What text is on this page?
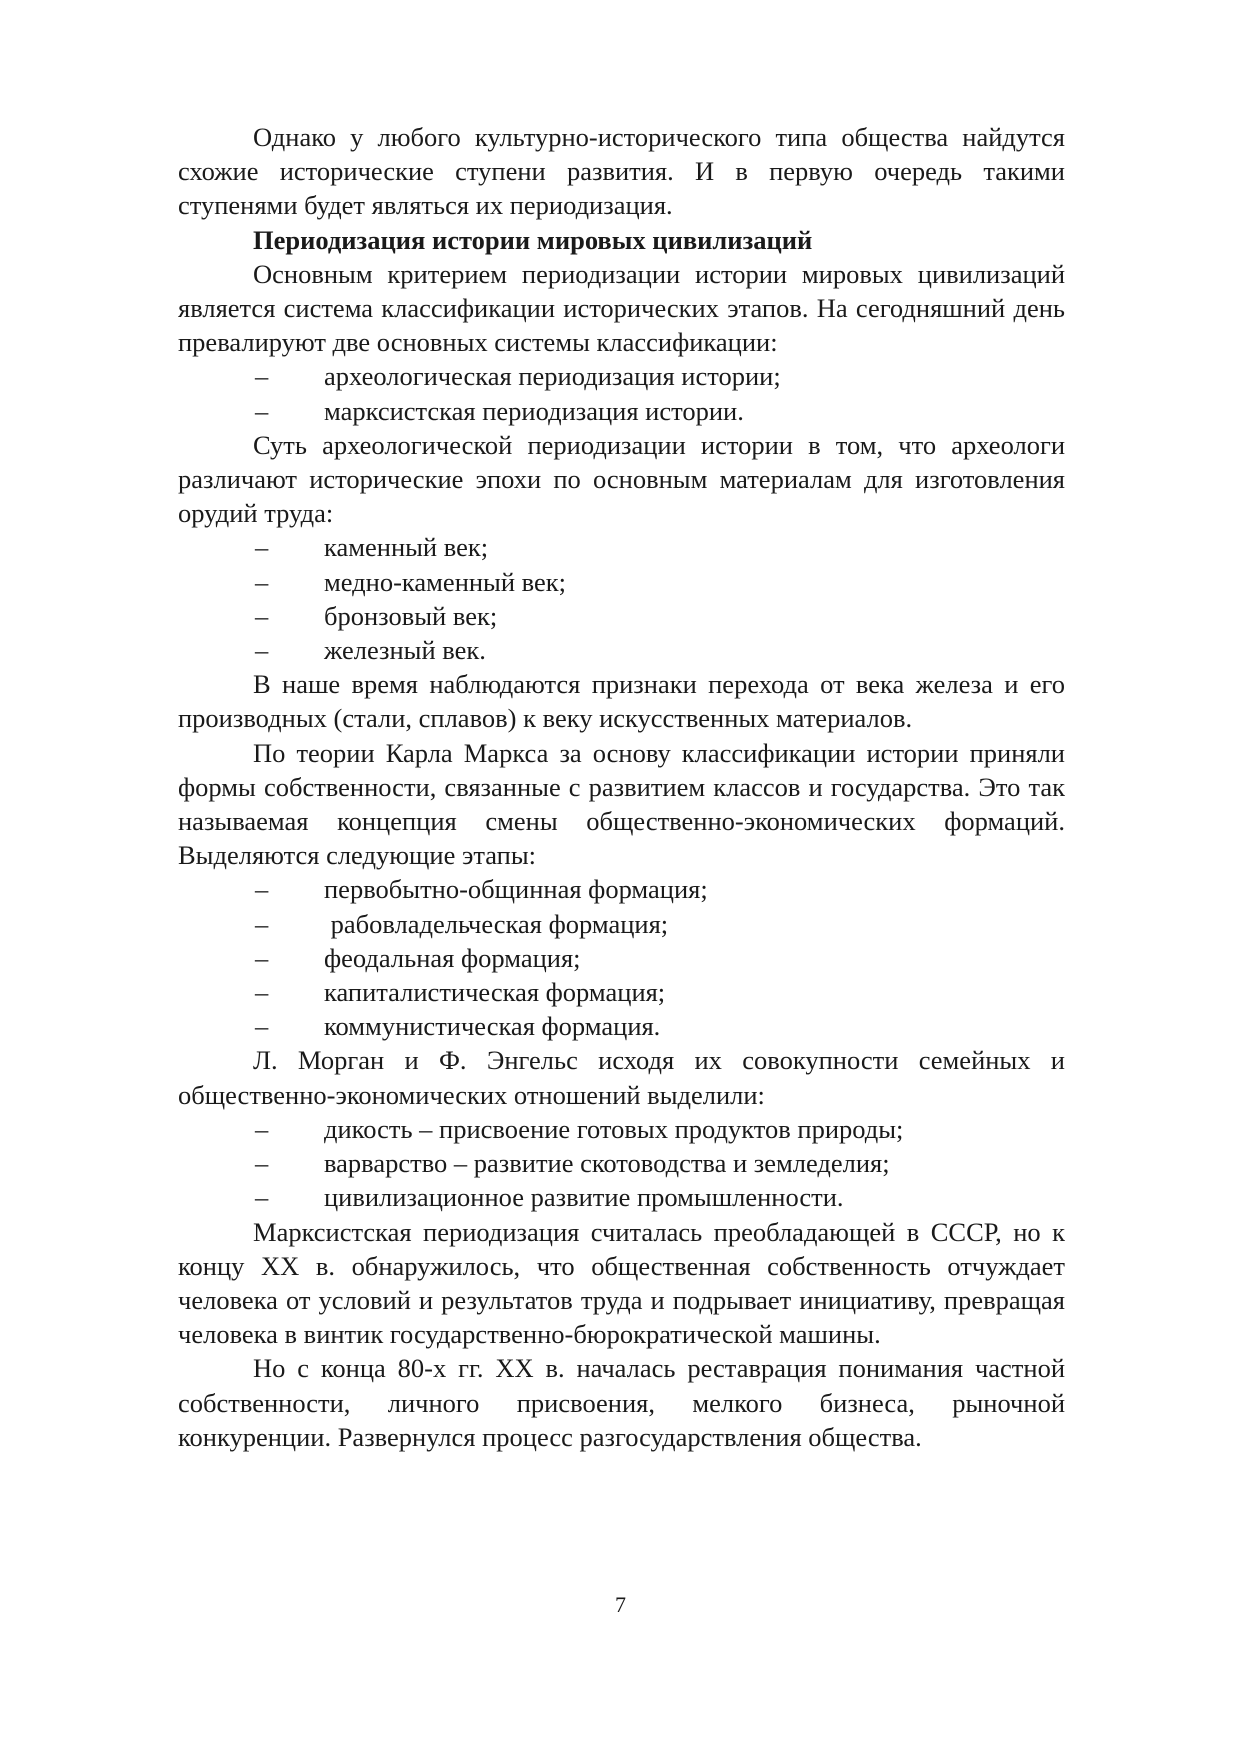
Однако у любого культурно-исторического типа общества найдутся схожие исторические ступени развития. И в первую очередь такими ступенями будет являться их периодизация.

Периодизация истории мировых цивилизаций

Основным критерием периодизации истории мировых цивилизаций является система классификации исторических этапов. На сегодняшний день превалируют две основных системы классификации:

–	археологическая периодизация истории;
–	марксистская периодизация истории.

Суть археологической периодизации истории в том, что археологи различают исторические эпохи по основным материалам для изготовления орудий труда:

–	каменный век;
–	медно-каменный век;
–	бронзовый век;
–	железный век.

В наше время наблюдаются признаки перехода от века железа и его производных (стали, сплавов) к веку искусственных материалов.

По теории Карла Маркса за основу классификации истории приняли формы собственности, связанные с развитием классов и государства. Это так называемая концепция смены общественно-экономических формаций. Выделяются следующие этапы:

–	первобытно-общинная формация;
–	рабовладельческая формация;
–	феодальная формация;
–	капиталистическая формация;
–	коммунистическая формация.

Л. Морган и Ф. Энгельс исходя их совокупности семейных и общественно-экономических отношений выделили:

–	дикость – присвоение готовых продуктов природы;
–	варварство – развитие скотоводства и земледелия;
–	цивилизационное развитие промышленности.

Марксистская периодизация считалась преобладающей в СССР, но к концу XX в. обнаружилось, что общественная собственность отчуждает человека от условий и результатов труда и подрывает инициативу, превращая человека в винтик государственно-бюрократической машины.

Но с конца 80-х гг. XX в. началась реставрация понимания частной собственности, личного присвоения, мелкого бизнеса, рыночной конкуренции. Развернулся процесс разгосударствления общества.

7
